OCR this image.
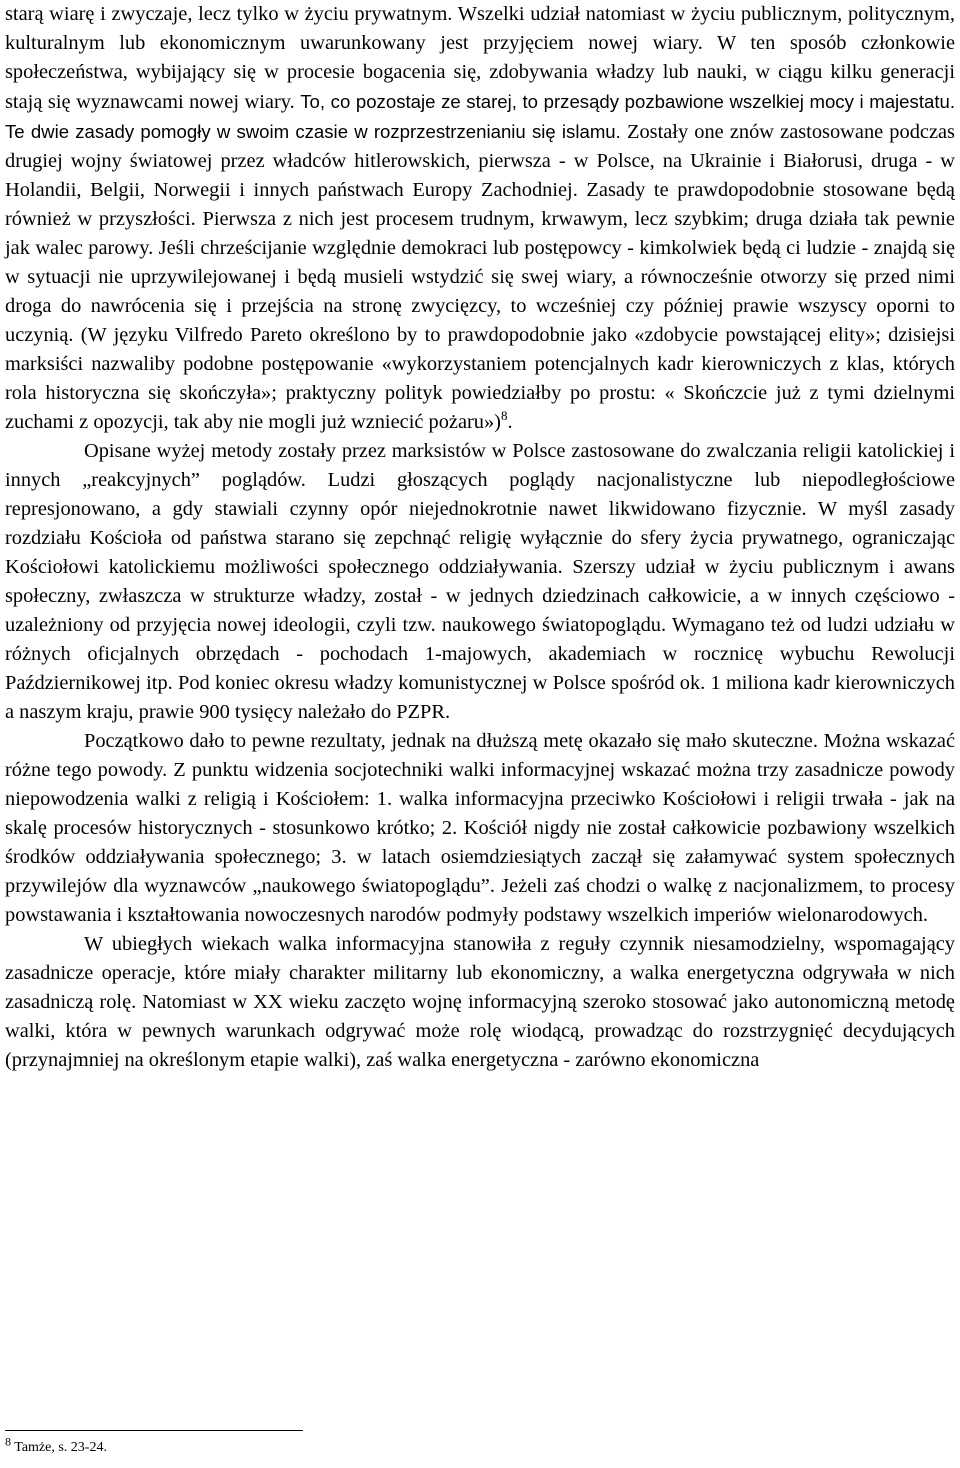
starą wiarę i zwyczaje, lecz tylko w życiu prywatnym. Wszelki udział natomiast w życiu publicznym, politycznym, kulturalnym lub ekonomicznym uwarunkowany jest przyjęciem nowej wiary. W ten sposób członkowie społeczeństwa, wybijający się w procesie bogacenia się, zdobywania władzy lub nauki, w ciągu kilku generacji stają się wyznawcami nowej wiary. To, co pozostaje ze starej, to przesądy pozbawione wszelkiej mocy i majestatu. Te dwie zasady pomogły w swoim czasie w rozprzestrzenianiu się islamu. Zostały one znów zastosowane podczas drugiej wojny światowej przez władców hitlerowskich, pierwsza - w Polsce, na Ukrainie i Białorusi, druga - w Holandii, Belgii, Norwegii i innych państwach Europy Zachodniej. Zasady te prawdopodobnie stosowane będą również w przyszłości. Pierwsza z nich jest procesem trudnym, krwawym, lecz szybkim; druga działa tak pewnie jak walec parowy. Jeśli chrześcijanie względnie demokraci lub postępowcy - kimkolwiek będą ci ludzie - znajdą się w sytuacji nie uprzywilejowanej i będą musieli wstydzić się swej wiary, a równocześnie otworzy się przed nimi droga do nawrócenia się i przejścia na stronę zwycięzcy, to wcześniej czy później prawie wszyscy oporni to uczynią. (W języku Vilfredo Pareto określono by to prawdopodobnie jako «zdobycie powstającej elity»; dzisiejsi marksiści nazwaliby podobne postępowanie «wykorzystaniem potencjalnych kadr kierowniczych z klas, których rola historyczna się skończyła»; praktyczny polityk powiedziałby po prostu: « Skończcie już z tymi dzielnymi zuchami z opozycji, tak aby nie mogli już wzniecić pożaru»)$^8$.

Opisane wyżej metody zostały przez marksistów w Polsce zastosowane do zwalczania religii katolickiej i innych „reakcyjnych” poglądów. Ludzi głoszących poglądy nacjonalistyczne lub niepodległościowe represjonowano, a gdy stawiali czynny opór niejednokrotnie nawet likwidowano fizycznie. W myśl zasady rozdziału Kościoła od państwa starano się zepchnąć religię wyłącznie do sfery życia prywatnego, ograniczając Kościołowi katolickiemu możliwości społecznego oddziaływania. Szerszy udział w życiu publicznym i awans społeczny, zwłaszcza w strukturze władzy, został - w jednych dziedzinach całkowicie, a w innych częściowo - uzależniony od przyjęcia nowej ideologii, czyli tzw. naukowego światopoglądu. Wymagano też od ludzi udziału w różnych oficjalnych obrzędach - pochodach 1-majowych, akademiach w rocznicę wybuchu Rewolucji Październikowej itp. Pod koniec okresu władzy komunistycznej w Polsce spośród ok. 1 miliona kadr kierowniczych a naszym kraju, prawie 900 tysięcy należało do PZPR.

Początkowo dało to pewne rezultaty, jednak na dłuższą metę okazało się mało skuteczne. Można wskazać różne tego powody. Z punktu widzenia socjotechniki walki informacyjnej wskazać można trzy zasadnicze powody niepowodzenia walki z religią i Kościołem: 1. walka informacyjna przeciwko Kościołowi i religii trwała - jak na skalę procesów historycznych - stosunkowo krótko; 2. Kościół nigdy nie został całkowicie pozbawiony wszelkich środków oddziaływania społecznego; 3. w latach osiemdziesiątych zaczął się załamywać system społecznych przywilejów dla wyznawców „naukowego światopoglądu”. Jeżeli zaś chodzi o walkę z nacjonalizmem, to procesy powstawania i kształtowania nowoczesnych narodów podmyły podstawy wszelkich imperiów wielonarodowych.

W ubiegłych wiekach walka informacyjna stanowiła z reguły czynnik niesamodzielny, wspomagający zasadnicze operacje, które miały charakter militarny lub ekonomiczny, a walka energetyczna odgrywała w nich zasadniczą rolę. Natomiast w XX wieku zaczęto wojnę informacyjną szeroko stosować jako autonomiczną metodę walki, która w pewnych warunkach odgrywać może rolę wiodącą, prowadząc do rozstrzygnięć decydujących (przynajmniej na określonym etapie walki), zaś walka energetyczna - zarówno ekonomiczna

$^8$ Tamże, s. 23-24.
